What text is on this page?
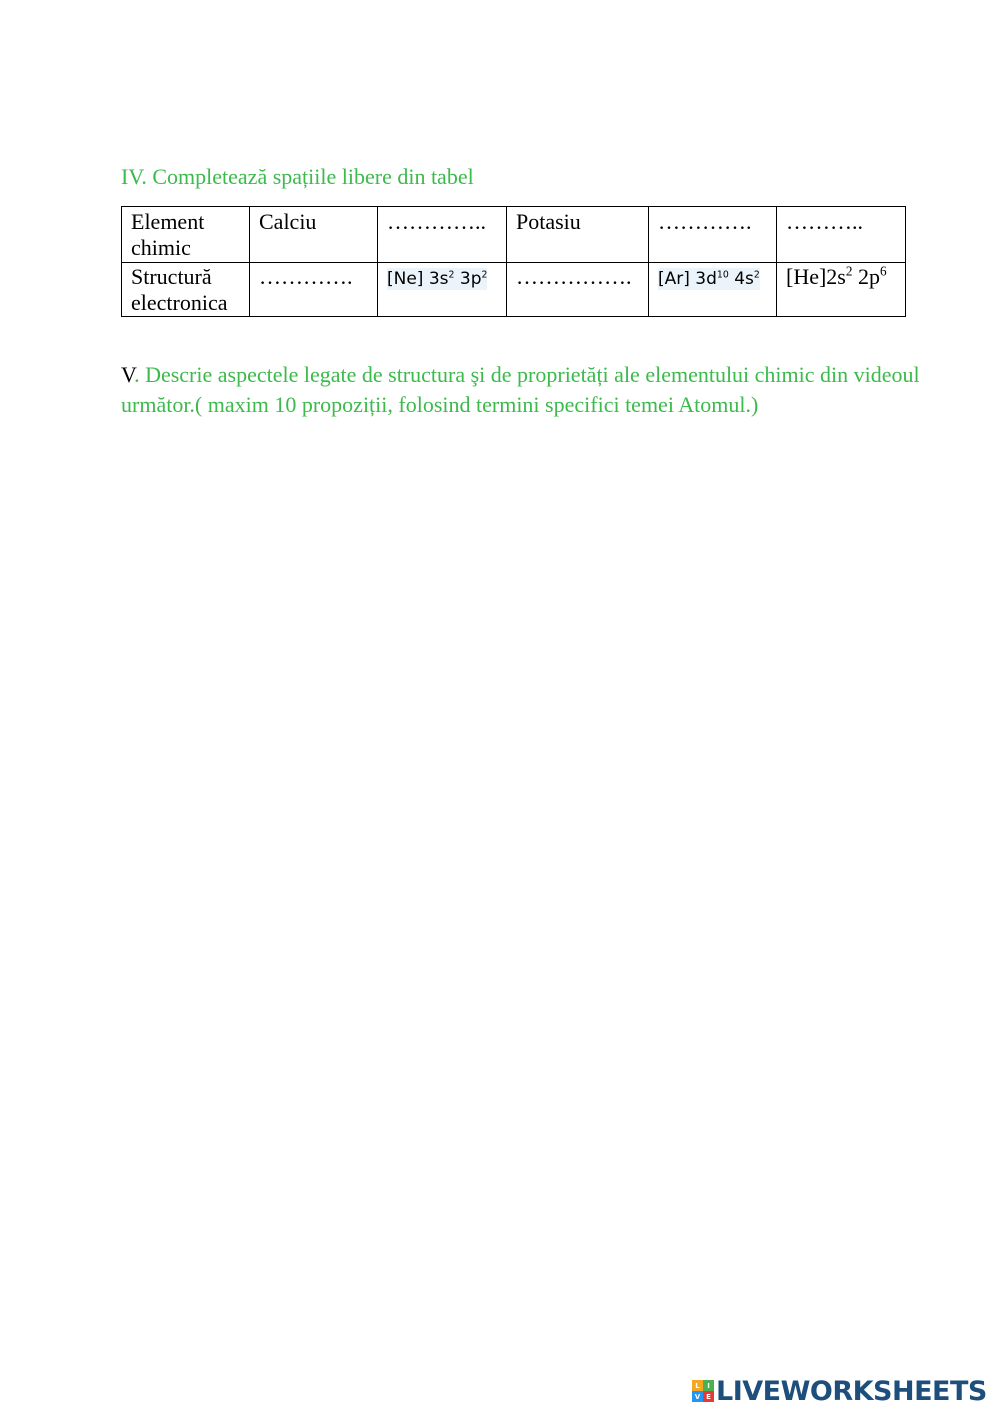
IV. Completează spațiile libere din tabel

Element
chimic	Calciu	…………..	Potasiu	………….	………..
Structură
electronica	………….	[Ne] $3s^2$ $3p^2$	…………….	[Ar] $3d^{10}$ $4s^2$	$[He]2s^2$ $2p^6$

V. Descrie aspectele legate de structura şi de proprietăți ale elementului chimic din videoul următor.( maxim 10 propoziții, folosind termini specifici temei Atomul.)

L	I
V E LIVEWORKSHEETS
